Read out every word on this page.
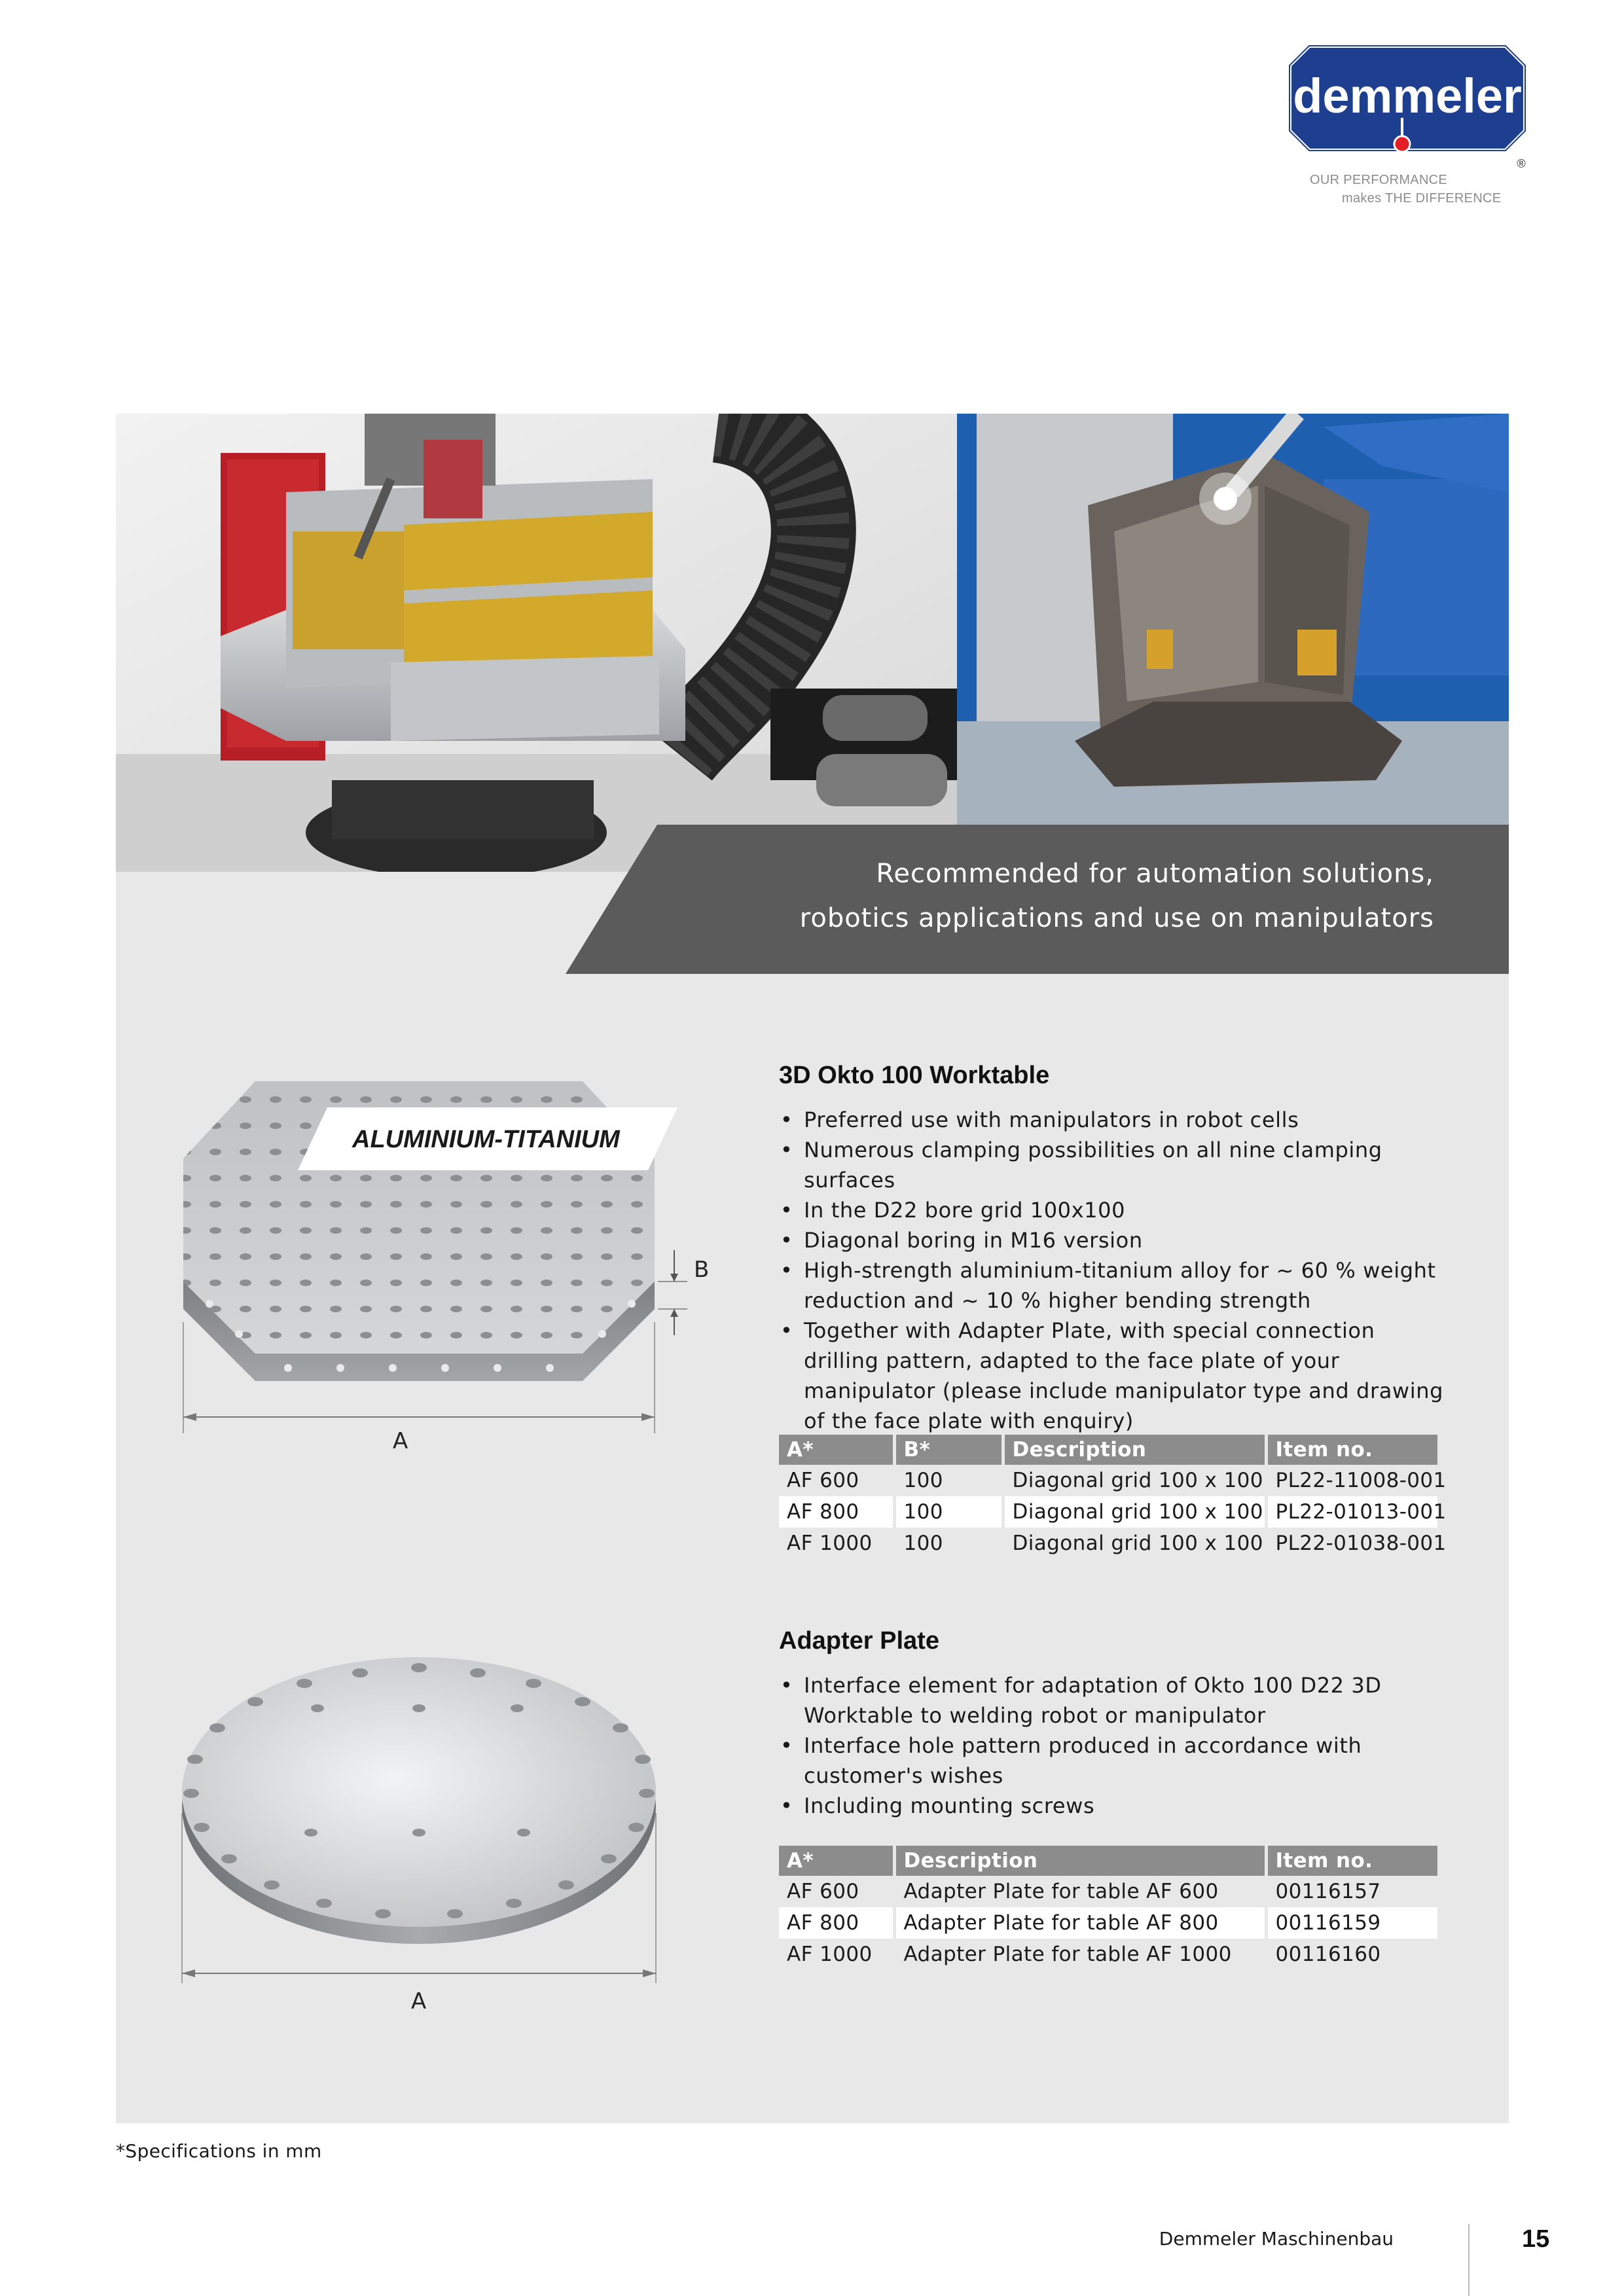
demmeler
®
OUR PERFORMANCE
makes THE DIFFERENCE
Recommended for automation solutions,
robotics applications and use on manipulators
ALUMINIUM-TITANIUM
B
A
3D Okto 100 Worktable
• Preferred use with manipulators in robot cells
• Numerous clamping possibilities on all nine clamping surfaces
• In the D22 bore grid 100x100
• Diagonal boring in M16 version
• High-strength aluminium-titanium alloy for ~ 60 % weight reduction and ~ 10 % higher bending strength
• Together with Adapter Plate, with special connection drilling pattern, adapted to the face plate of your manipulator (please include manipulator type and drawing of the face plate with enquiry)
A*	B*	Description	Item no.
AF 600	100	Diagonal grid 100 x 100	PL22-11008-001
AF 800	100	Diagonal grid 100 x 100	PL22-01013-001
AF 1000	100	Diagonal grid 100 x 100	PL22-01038-001
A
Adapter Plate
• Interface element for adaptation of Okto 100 D22 3D Worktable to welding robot or manipulator
• Interface hole pattern produced in accordance with customer's wishes
• Including mounting screws
A*	Description	Item no.
AF 600	Adapter Plate for table AF 600	00116157
AF 800	Adapter Plate for table AF 800	00116159
AF 1000	Adapter Plate for table AF 1000	00116160
*Specifications in mm
Demmeler Maschinenbau	15
